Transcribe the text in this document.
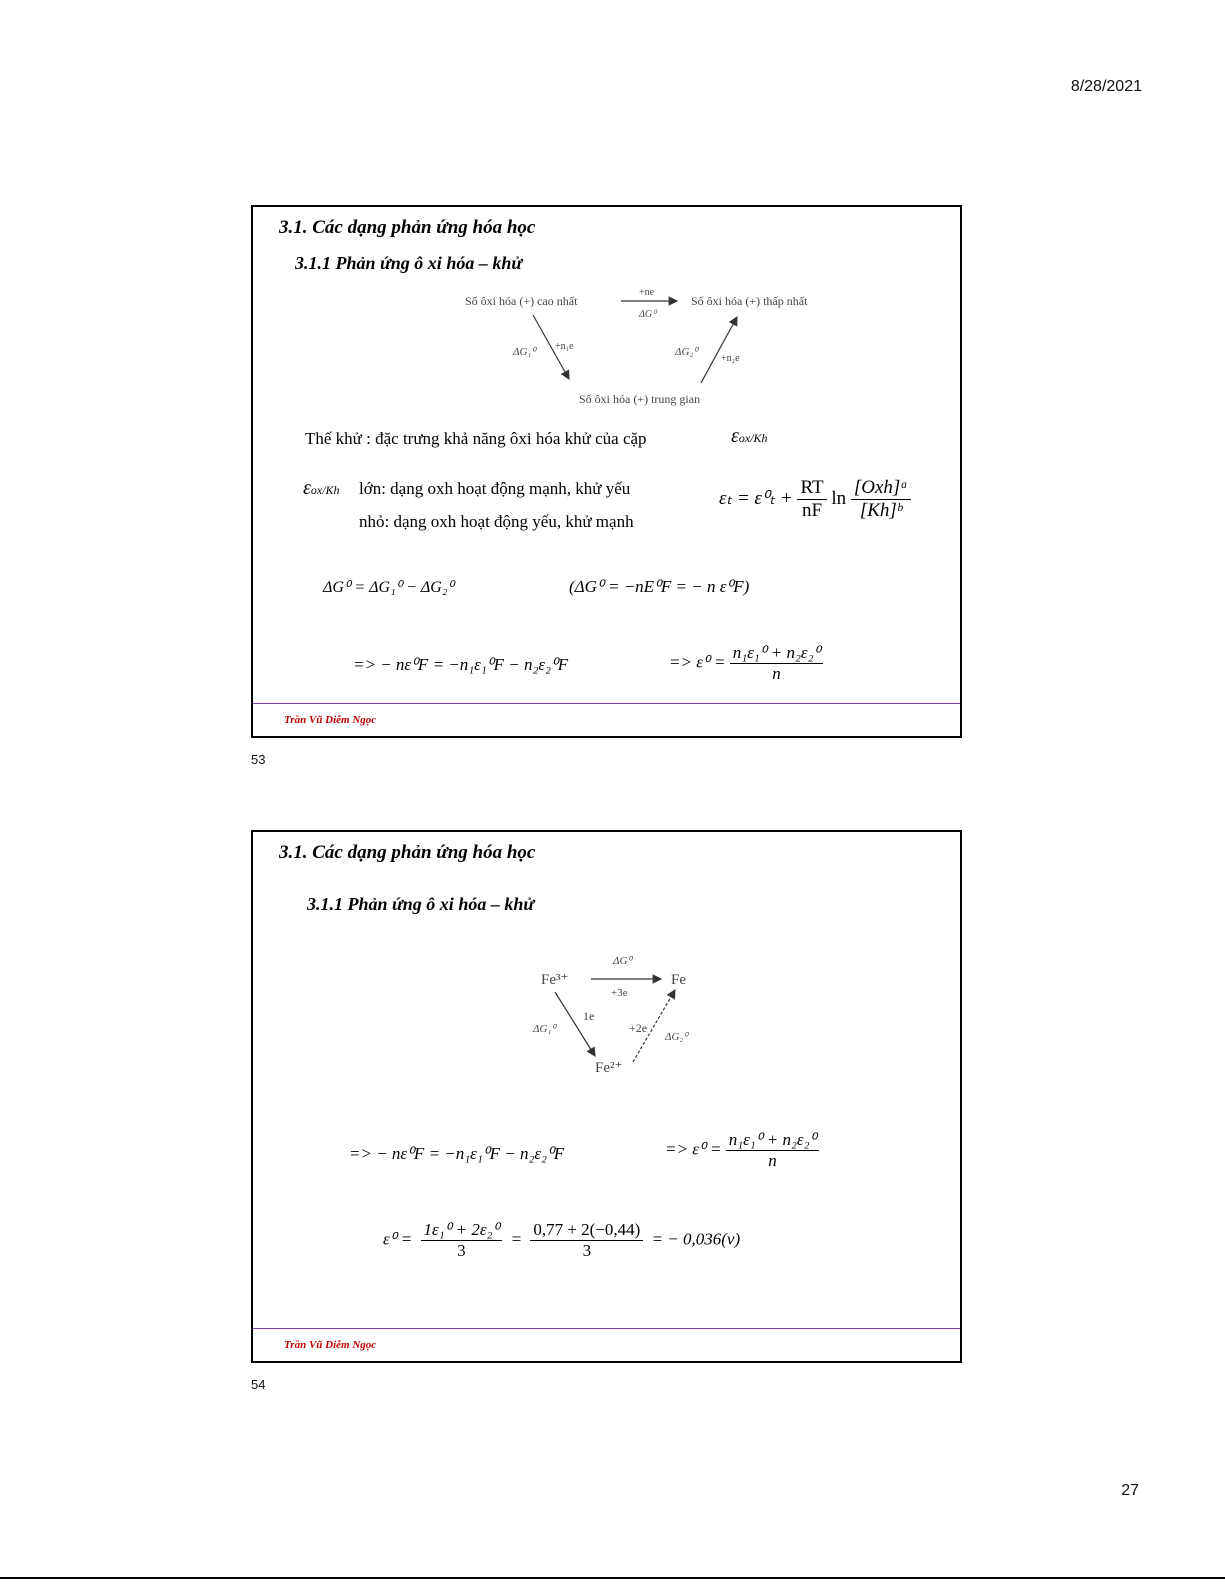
8/28/2021
3.1. Các dạng phản ứng hóa học
3.1.1 Phản ứng ô xi hóa – khử
Số ôxi hóa (+) cao nhất	Số ôxi hóa (+) thấp nhất
+ne
ΔG⁰
ΔG₁⁰ +n₁e	ΔG₂⁰
+n₂e
Số ôxi hóa (+) trung gian
Thế khử : đặc trưng khả năng ôxi hóa khử của cặp	εox/Kh
εox/Kh lớn: dạng oxh hoạt động mạnh, khử yếu
nhỏ: dạng oxh hoạt động yếu, khử mạnh
$\varepsilon_t = \varepsilon^0_t + \frac{RT}{nF}$ $\ln \frac{\text{[Oxh]ᵃ}}{\text{[Kh]ᵇ}}$
ΔG⁰ = ΔG₁⁰ − ΔG₂⁰	(ΔG⁰ = −nE⁰F = − n ε⁰F)
=> − nε⁰F = −n₁ε₁⁰F − n₂ε₂⁰F	=> $\varepsilon^0 = \frac{\text{n₁ε₁⁰ + n₂ε₂⁰}}{n}$
Trần Vũ Diễm Ngọc
53
3.1. Các dạng phản ứng hóa học
3.1.1 Phản ứng ô xi hóa – khử
Fe³⁺	Fe
Fe²⁺
ΔG⁰
+3e
ΔG₁⁰
1e
+2e
ΔG₂⁰
=> − nε⁰F = −n₁ε₁⁰F − n₂ε₂⁰F	=> $\varepsilon^0 = \frac{\text{n₁ε₁⁰ + n₂ε₂⁰}}{n}$
$\varepsilon^0 = \frac{\text{1ε₁⁰ + 2ε₂⁰}}{3} = \frac{0,77 + 2(-0,44)}{3}$ = − 0,036(v)
Trần Vũ Diễm Ngọc
54
27
